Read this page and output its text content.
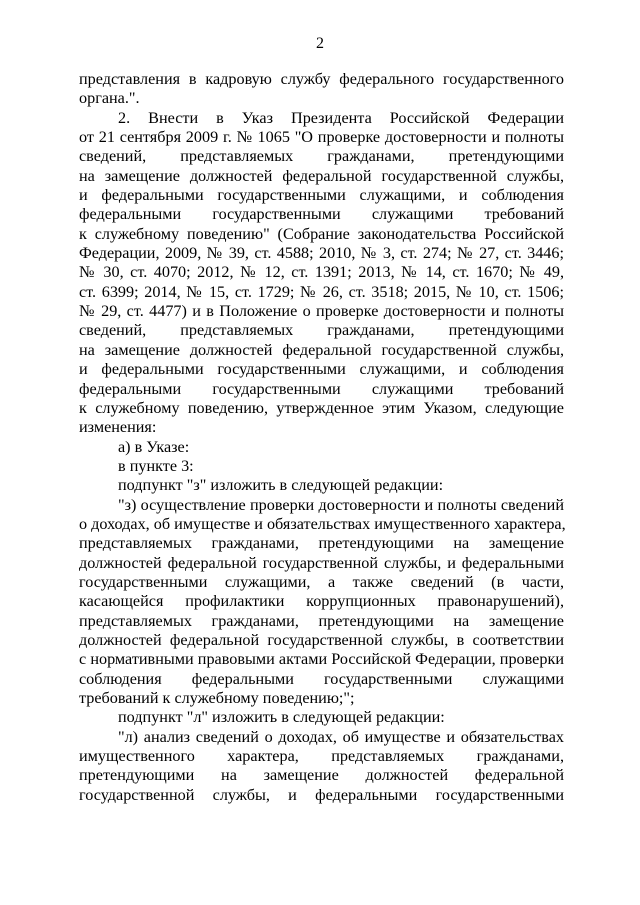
2
представления в кадровую службу федерального государственного
органа.".
2. Внести в Указ Президента Российской Федерации
от 21 сентября 2009 г. № 1065 "О проверке достоверности и полноты
сведений, представляемых гражданами, претендующими
на замещение должностей федеральной государственной службы,
и федеральными государственными служащими, и соблюдения
федеральными государственными служащими требований
к служебному поведению" (Собрание законодательства Российской
Федерации, 2009, № 39, ст. 4588; 2010, № 3, ст. 274; № 27, ст. 3446;
№ 30, ст. 4070; 2012, № 12, ст. 1391; 2013, № 14, ст. 1670; № 49,
ст. 6399; 2014, № 15, ст. 1729; № 26, ст. 3518; 2015, № 10, ст. 1506;
№ 29, ст. 4477) и в Положение о проверке достоверности и полноты
сведений, представляемых гражданами, претендующими
на замещение должностей федеральной государственной службы,
и федеральными государственными служащими, и соблюдения
федеральными государственными служащими требований
к служебному поведению, утвержденное этим Указом, следующие
изменения:
а) в Указе:
в пункте 3:
подпункт "з" изложить в следующей редакции:
"з) осуществление проверки достоверности и полноты сведений
о доходах, об имуществе и обязательствах имущественного характера,
представляемых гражданами, претендующими на замещение
должностей федеральной государственной службы, и федеральными
государственными служащими, а также сведений (в части,
касающейся профилактики коррупционных правонарушений),
представляемых гражданами, претендующими на замещение
должностей федеральной государственной службы, в соответствии
с нормативными правовыми актами Российской Федерации, проверки
соблюдения федеральными государственными служащими
требований к служебному поведению;";
подпункт "л" изложить в следующей редакции:
"л) анализ сведений о доходах, об имуществе и обязательствах
имущественного характера, представляемых гражданами,
претендующими на замещение должностей федеральной
государственной службы, и федеральными государственными
